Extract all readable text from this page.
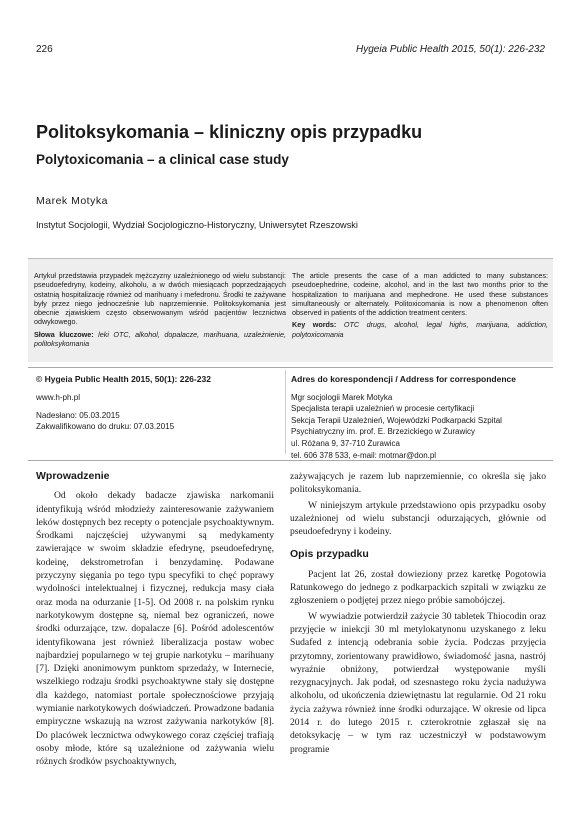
226	Hygeia Public Health 2015, 50(1): 226-232
Politoksykomania – kliniczny opis przypadku
Polytoxicomania – a clinical case study
Marek Motyka
Instytut Socjologii, Wydział Socjologiczno-Historyczny, Uniwersytet Rzeszowski
Artykuł przedstawia przypadek mężczyzny uzależnionego od wielu substancji: pseudoefedryny, kodeiny, alkoholu, a w dwóch miesiącach poprzedzających ostatnią hospitalizację również od marihuany i mefedronu. Środki te zażywane były przez niego jednocześnie lub naprzemiennie. Politoksykomania jest obecnie zjawiskiem często obserwowanym wśród pacjentów lecznictwa odwykowego.
Słowa kluczowe: leki OTC, alkohol, dopalacze, marihuana, uzależnienie, politoksykomania
The article presents the case of a man addicted to many substances: pseudoephedrine, codeine, alcohol, and in the last two months prior to the hospitalization to marijuana and mephedrone. He used these substances simultaneously or alternately. Politoxicomania is now a phenomenon often observed in patients of the addiction treatment centers.
Key words: OTC drugs, alcohol, legal highs, marijuana, addiction, polytoxicomania
© Hygeia Public Health 2015, 50(1): 226-232
www.h-ph.pl
Nadesłano: 05.03.2015
Zakwalifikowano do druku: 07.03.2015
Adres do korespondencji / Address for correspondence
Mgr socjologii Marek Motyka
Specjalista terapii uzależnień w procesie certyfikacji
Sekcja Terapii Uzależnień, Wojewódzki Podkarpacki Szpital
Psychiatryczny im. prof. E. Brzezickiego w Żurawicy
ul. Różana 9, 37-710 Żurawica
tel. 606 378 533, e-mail: motmar@don.pl
Wprowadzenie

Od około dekady badacze zjawiska narkomanii identyfikują wśród młodzieży zainteresowanie zażywaniem leków dostępnych bez recepty o potencjale psychoaktywnym. Środkami najczęściej używanymi są medykamenty zawierające w swoim składzie efedrynę, pseudoefedrynę, kodeinę, dekstrometrofan i benzydaminę. Podawane przyczyny sięgania po tego typu specyfiki to chęć poprawy wydolności intelektualnej i fizycznej, redukcja masy ciała oraz moda na odurzanie [1-5]. Od 2008 r. na polskim rynku narkotykowym dostępne są, niemal bez ograniczeń, nowe środki odurzające, tzw. dopalacze [6]. Pośród adolescentów identyfikowana jest również liberalizacja postaw wobec najbardziej popularnego w tej grupie narkotyku – marihuany [7]. Dzięki anonimowym punktom sprzedaży, w Internecie, wszelkiego rodzaju środki psychoaktywne stały się dostępne dla każdego, natomiast portale społecznościowe przyjają wymianie narkotykowych doświadczeń. Prowadzone badania empiryczne wskazują na wzrost zażywania narkotyków [8]. Do placówek lecznictwa odwykowego coraz częściej trafiają osoby młode, które są uzależnione od zażywania wielu różnych środków psychoaktywnych,

zażywających je razem lub naprzemiennie, co określa się jako politoksykomania.

W niniejszym artykule przedstawiono opis przypadku osoby uzależnionej od wielu substancji odurzających, głównie od pseudoefedryny i kodeiny.

Opis przypadku

Pacjent lat 26, został dowieziony przez karetkę Pogotowia Ratunkowego do jednego z podkarpackich szpitali w związku ze zgłoszeniem o podjętej przez niego próbie samobójczej.

W wywiadzie potwierdził zażycie 30 tabletek Thiocodin oraz przyjęcie w iniekcji 30 ml metylokatynonu uzyskanego z leku Sudafed z intencją odebrania sobie życia. Podczas przyjęcia przytomny, zorientowany prawidłowo, świadomość jasna, nastrój wyraźnie obniżony, potwierdzał występowanie myśli rezygnacyjnych. Jak podał, od szesnastego roku życia nadużywa alkoholu, od ukończenia dziewiętnastu lat regularnie. Od 21 roku życia zażywa również inne środki odurzające. W okresie od lipca 2014 r. do lutego 2015 r. czterokrotnie zgłaszał się na detoksykację – w tym raz uczestniczył w podstawowym programie
